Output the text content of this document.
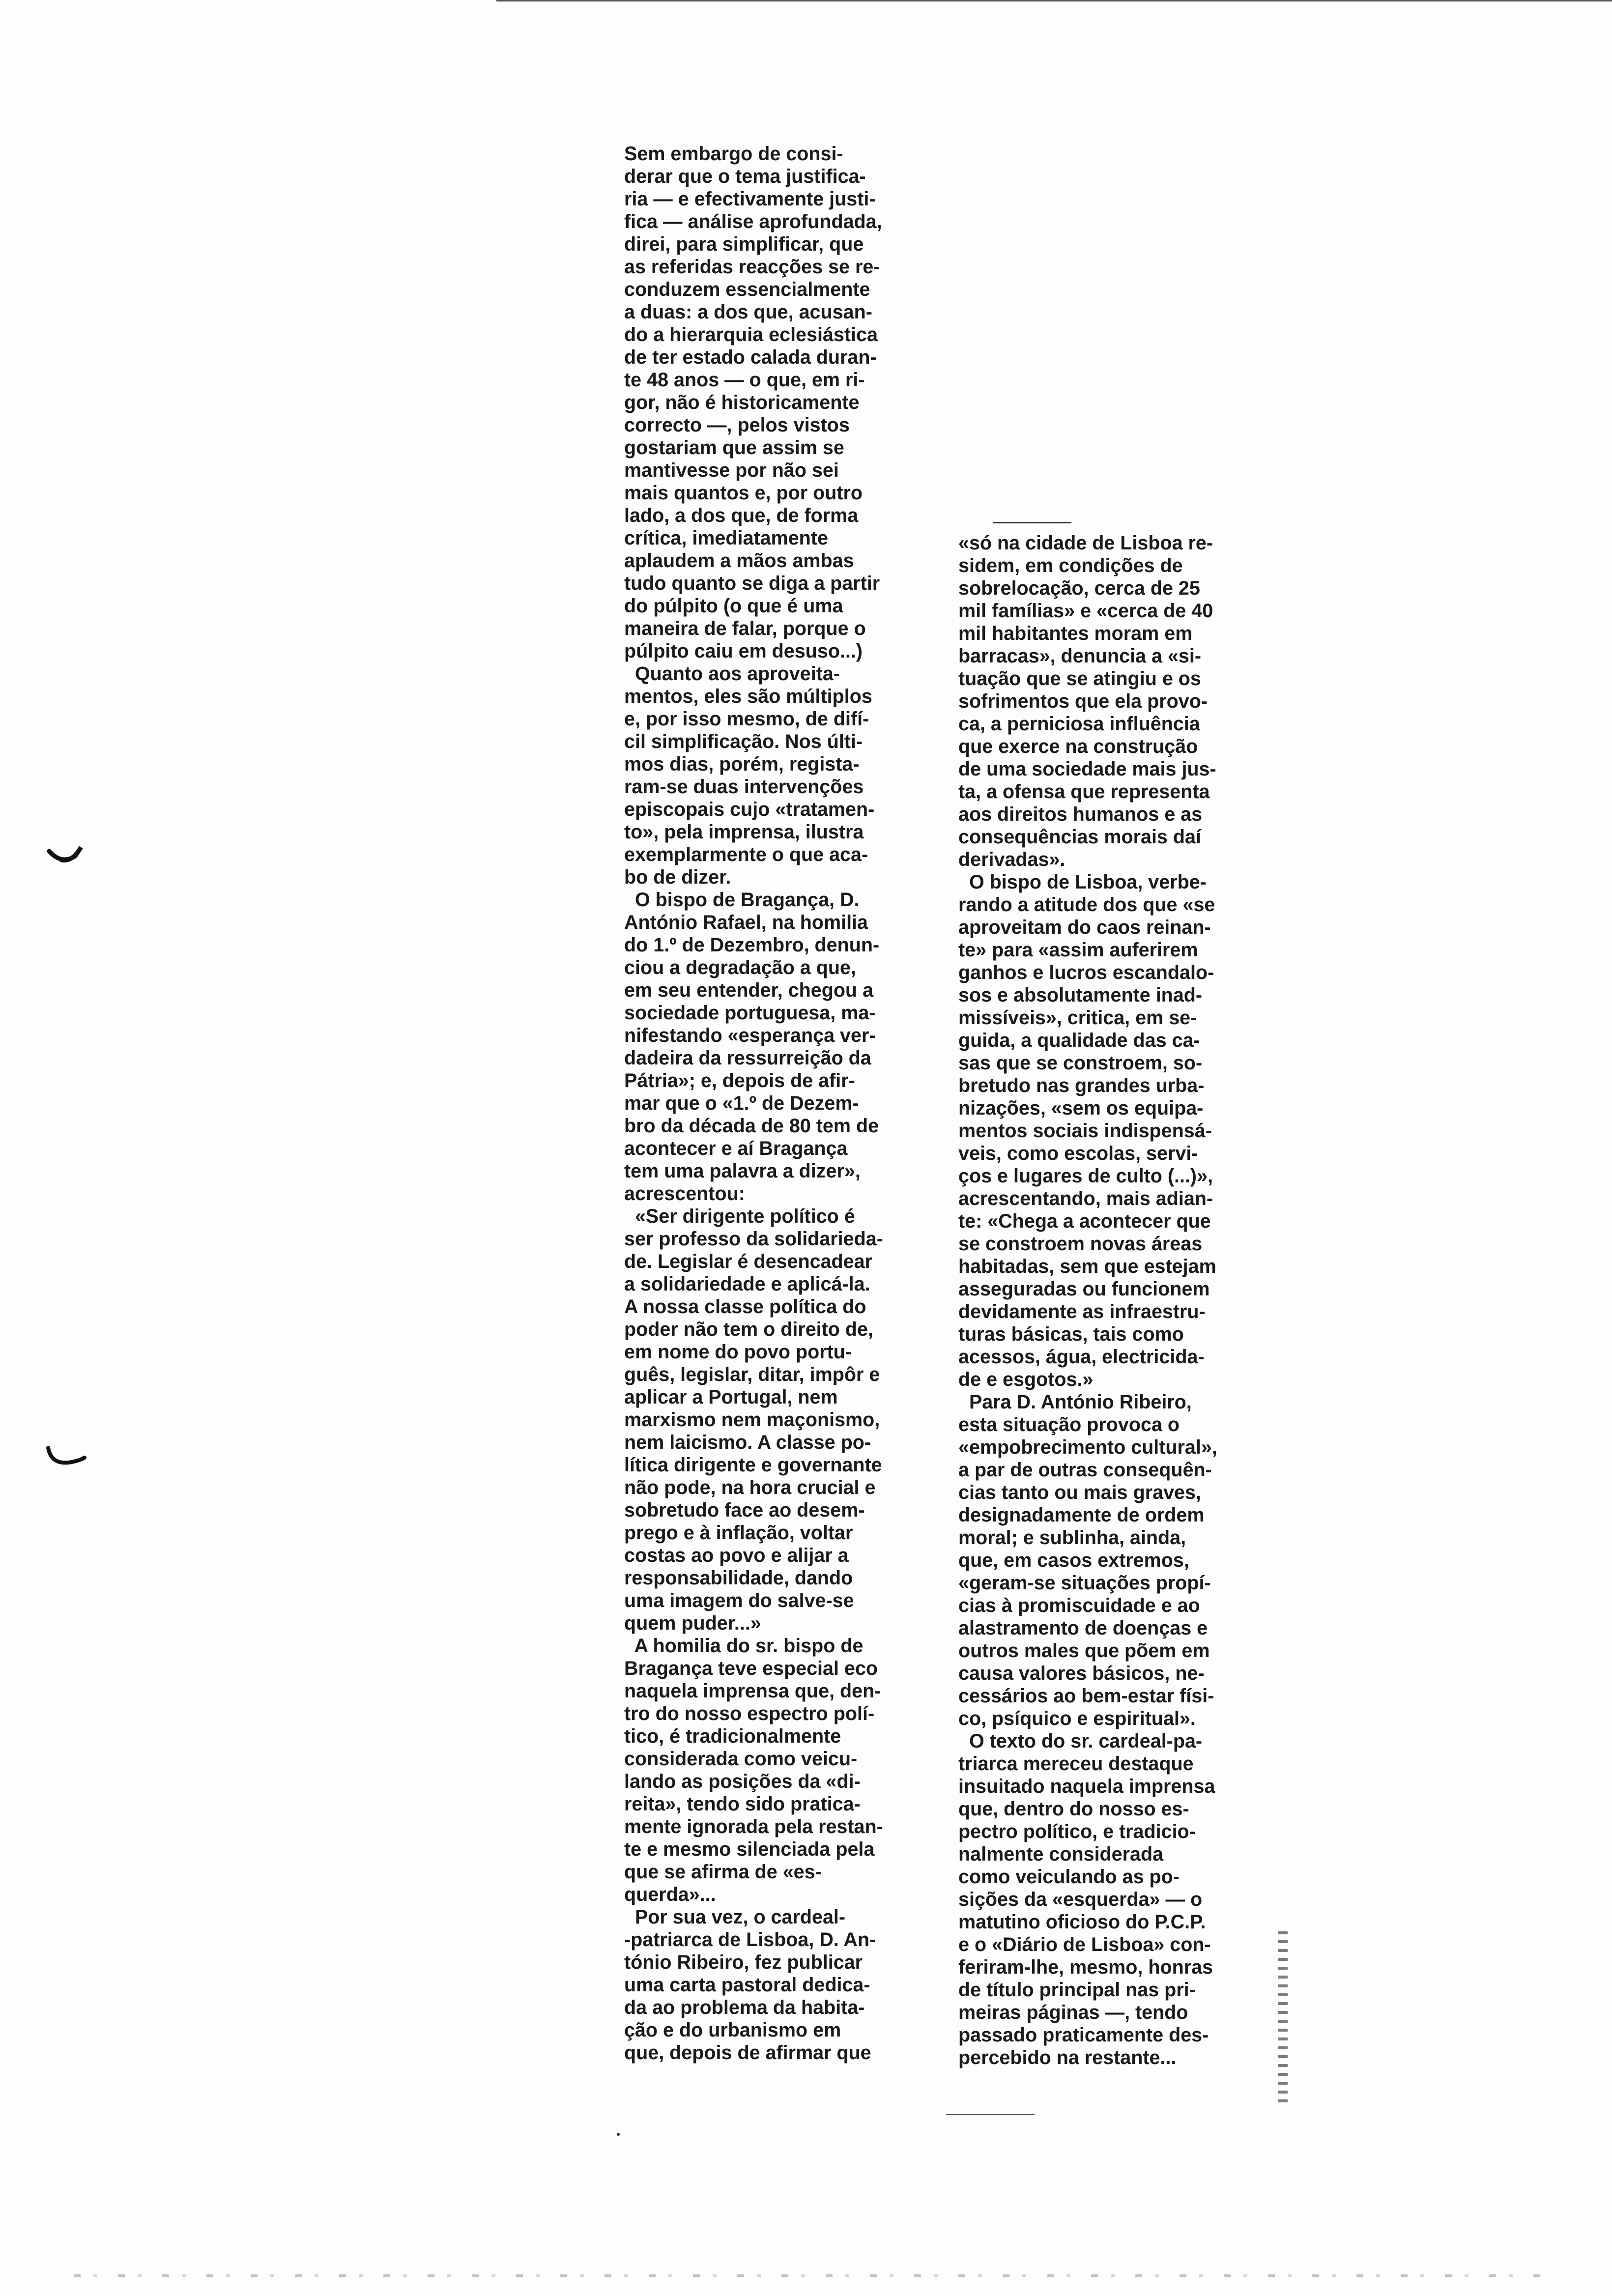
Sem embargo de consi-

derar que o tema justifica-

ria — e efectivamente justi-

fica — análise aprofundada,

direi, para simplificar, que

as referidas reacções se re-

conduzem essencialmente

a duas: a dos que, acusan-

do a hierarquia eclesiástica

de ter estado calada duran-

te 48 anos — o que, em ri-

gor, não é historicamente

correcto —, pelos vistos

gostariam que assim se

mantivesse por não sei

mais quantos e, por outro

lado, a dos que, de forma

crítica, imediatamente

aplaudem a mãos ambas

tudo quanto se diga a partir

do púlpito (o que é uma

maneira de falar, porque o

púlpito caiu em desuso...)

Quanto aos aproveita-

mentos, eles são múltiplos

e, por isso mesmo, de difí-

cil simplificação. Nos últi-

mos dias, porém, regista-

ram-se duas intervenções

episcopais cujo «tratamen-

to», pela imprensa, ilustra

exemplarmente o que aca-

bo de dizer.

O bispo de Bragança, D.

António Rafael, na homilia

do 1.º de Dezembro, denun-

ciou a degradação a que,

em seu entender, chegou a

sociedade portuguesa, ma-

nifestando «esperança ver-

dadeira da ressurreição da

Pátria»; e, depois de afir-

mar que o «1.º de Dezem-

bro da década de 80 tem de

acontecer e aí Bragança

tem uma palavra a dizer»,

acrescentou:

«Ser dirigente político é

ser professo da solidarieda-

de. Legislar é desencadear

a solidariedade e aplicá-la.

A nossa classe política do

poder não tem o direito de,

em nome do povo portu-

guês, legislar, ditar, impôr e

aplicar a Portugal, nem

marxismo nem maçonismo,

nem laicismo. A classe po-

lítica dirigente e governante

não pode, na hora crucial e

sobretudo face ao desem-

prego e à inflação, voltar

costas ao povo e alijar a

responsabilidade, dando

uma imagem do salve-se

quem puder...»

A homilia do sr. bispo de

Bragança teve especial eco

naquela imprensa que, den-

tro do nosso espectro polí-

tico, é tradicionalmente

considerada como veicu-

lando as posições da «di-

reita», tendo sido pratica-

mente ignorada pela restan-

te e mesmo silenciada pela

que se afirma de «es-

querda»...

Por sua vez, o cardeal-

-patriarca de Lisboa, D. An-

tónio Ribeiro, fez publicar

uma carta pastoral dedica-

da ao problema da habita-

ção e do urbanismo em

que, depois de afirmar que

«só na cidade de Lisboa re-

sidem, em condições de

sobrelocação, cerca de 25

mil famílias» e «cerca de 40

mil habitantes moram em

barracas», denuncia a «si-

tuação que se atingiu e os

sofrimentos que ela provo-

ca, a perniciosa influência

que exerce na construção

de uma sociedade mais jus-

ta, a ofensa que representa

aos direitos humanos e as

consequências morais daí

derivadas».

O bispo de Lisboa, verbe-

rando a atitude dos que «se

aproveitam do caos reinan-

te» para «assim auferirem

ganhos e lucros escandalo-

sos e absolutamente inad-

missíveis», critica, em se-

guida, a qualidade das ca-

sas que se constroem, so-

bretudo nas grandes urba-

nizações, «sem os equipa-

mentos sociais indispensá-

veis, como escolas, servi-

ços e lugares de culto (...)»,

acrescentando, mais adian-

te: «Chega a acontecer que

se constroem novas áreas

habitadas, sem que estejam

asseguradas ou funcionem

devidamente as infraestru-

turas básicas, tais como

acessos, água, electricida-

de e esgotos.»

Para D. António Ribeiro,

esta situação provoca o

«empobrecimento cultural»,

a par de outras consequên-

cias tanto ou mais graves,

designadamente de ordem

moral; e sublinha, ainda,

que, em casos extremos,

«geram-se situações propí-

cias à promiscuidade e ao

alastramento de doenças e

outros males que põem em

causa valores básicos, ne-

cessários ao bem-estar físi-

co, psíquico e espiritual».

O texto do sr. cardeal-pa-

triarca mereceu destaque

insuitado naquela imprensa

que, dentro do nosso es-

pectro político, e tradicio-

nalmente considerada

como veiculando as po-

sições da «esquerda» — o

matutino oficioso do P.C.P.

e o «Diário de Lisboa» con-

feriram-lhe, mesmo, honras

de título principal nas pri-

meiras páginas —, tendo

passado praticamente des-

percebido na restante...
